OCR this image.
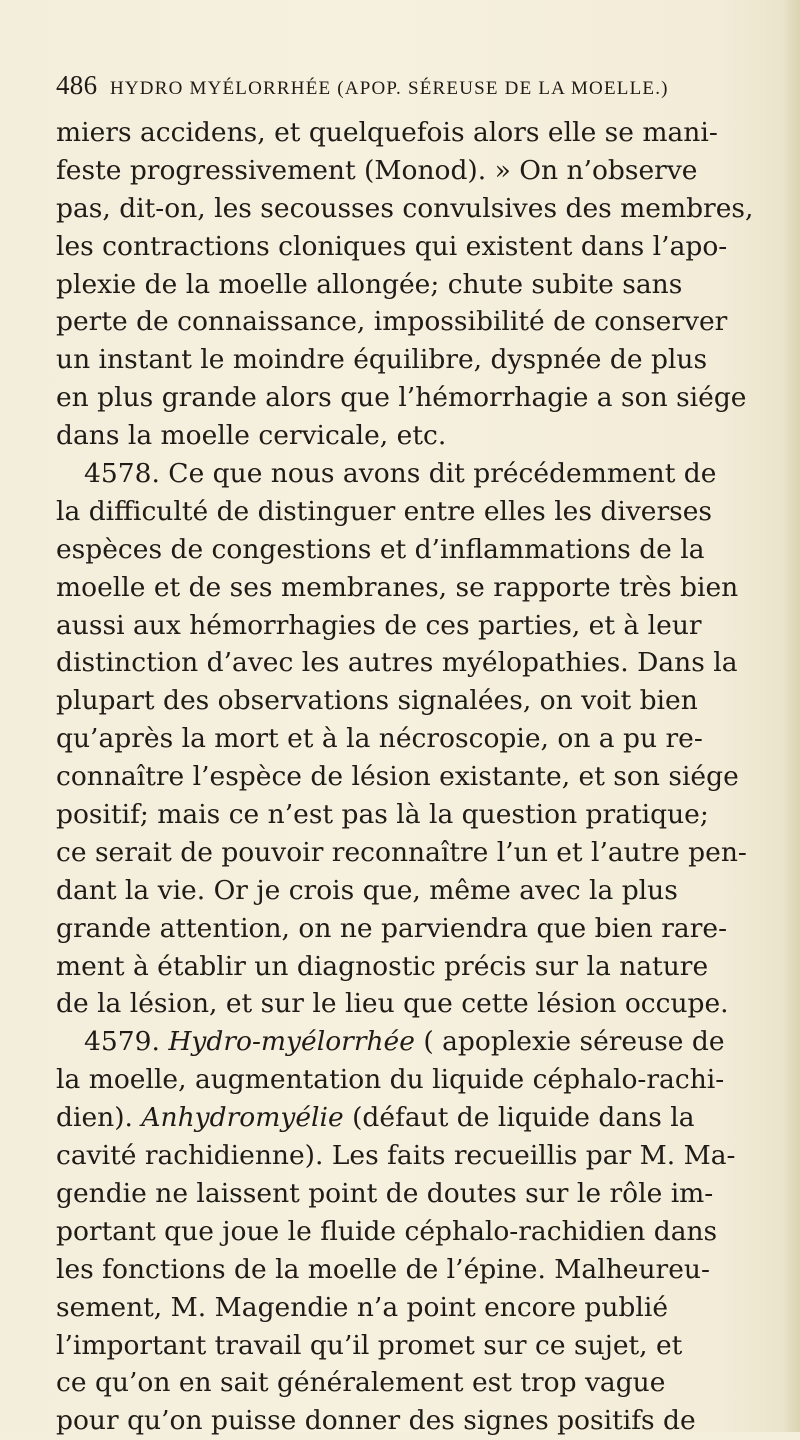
486 HYDRO MYÉLORRHÉE (APOP. SÉREUSE DE LA MOELLE.)
miers accidens, et quelquefois alors elle se mani-
feste progressivement (Monod). » On n’observe
pas, dit-on, les secousses convulsives des membres,
les contractions cloniques qui existent dans l’apo-
plexie de la moelle allongée; chute subite sans
perte de connaissance, impossibilité de conserver
un instant le moindre équilibre, dyspnée de plus
en plus grande alors que l’hémorrhagie a son siége
dans la moelle cervicale, etc.
4578. Ce que nous avons dit précédemment de
la difficulté de distinguer entre elles les diverses
espèces de congestions et d’inflammations de la
moelle et de ses membranes, se rapporte très bien
aussi aux hémorrhagies de ces parties, et à leur
distinction d’avec les autres myélopathies. Dans la
plupart des observations signalées, on voit bien
qu’après la mort et à la nécroscopie, on a pu re-
connaître l’espèce de lésion existante, et son siége
positif; mais ce n’est pas là la question pratique;
ce serait de pouvoir reconnaître l’un et l’autre pen-
dant la vie. Or je crois que, même avec la plus
grande attention, on ne parviendra que bien rare-
ment à établir un diagnostic précis sur la nature
de la lésion, et sur le lieu que cette lésion occupe.
4579. Hydro-myélorrhée ( apoplexie séreuse de
la moelle, augmentation du liquide céphalo-rachi-
dien). Anhydromyélie (défaut de liquide dans la
cavité rachidienne). Les faits recueillis par M. Ma-
gendie ne laissent point de doutes sur le rôle im-
portant que joue le fluide céphalo-rachidien dans
les fonctions de la moelle de l’épine. Malheureu-
sement, M. Magendie n’a point encore publié
l’important travail qu’il promet sur ce sujet, et
ce qu’on en sait généralement est trop vague
pour qu’on puisse donner des signes positifs de
